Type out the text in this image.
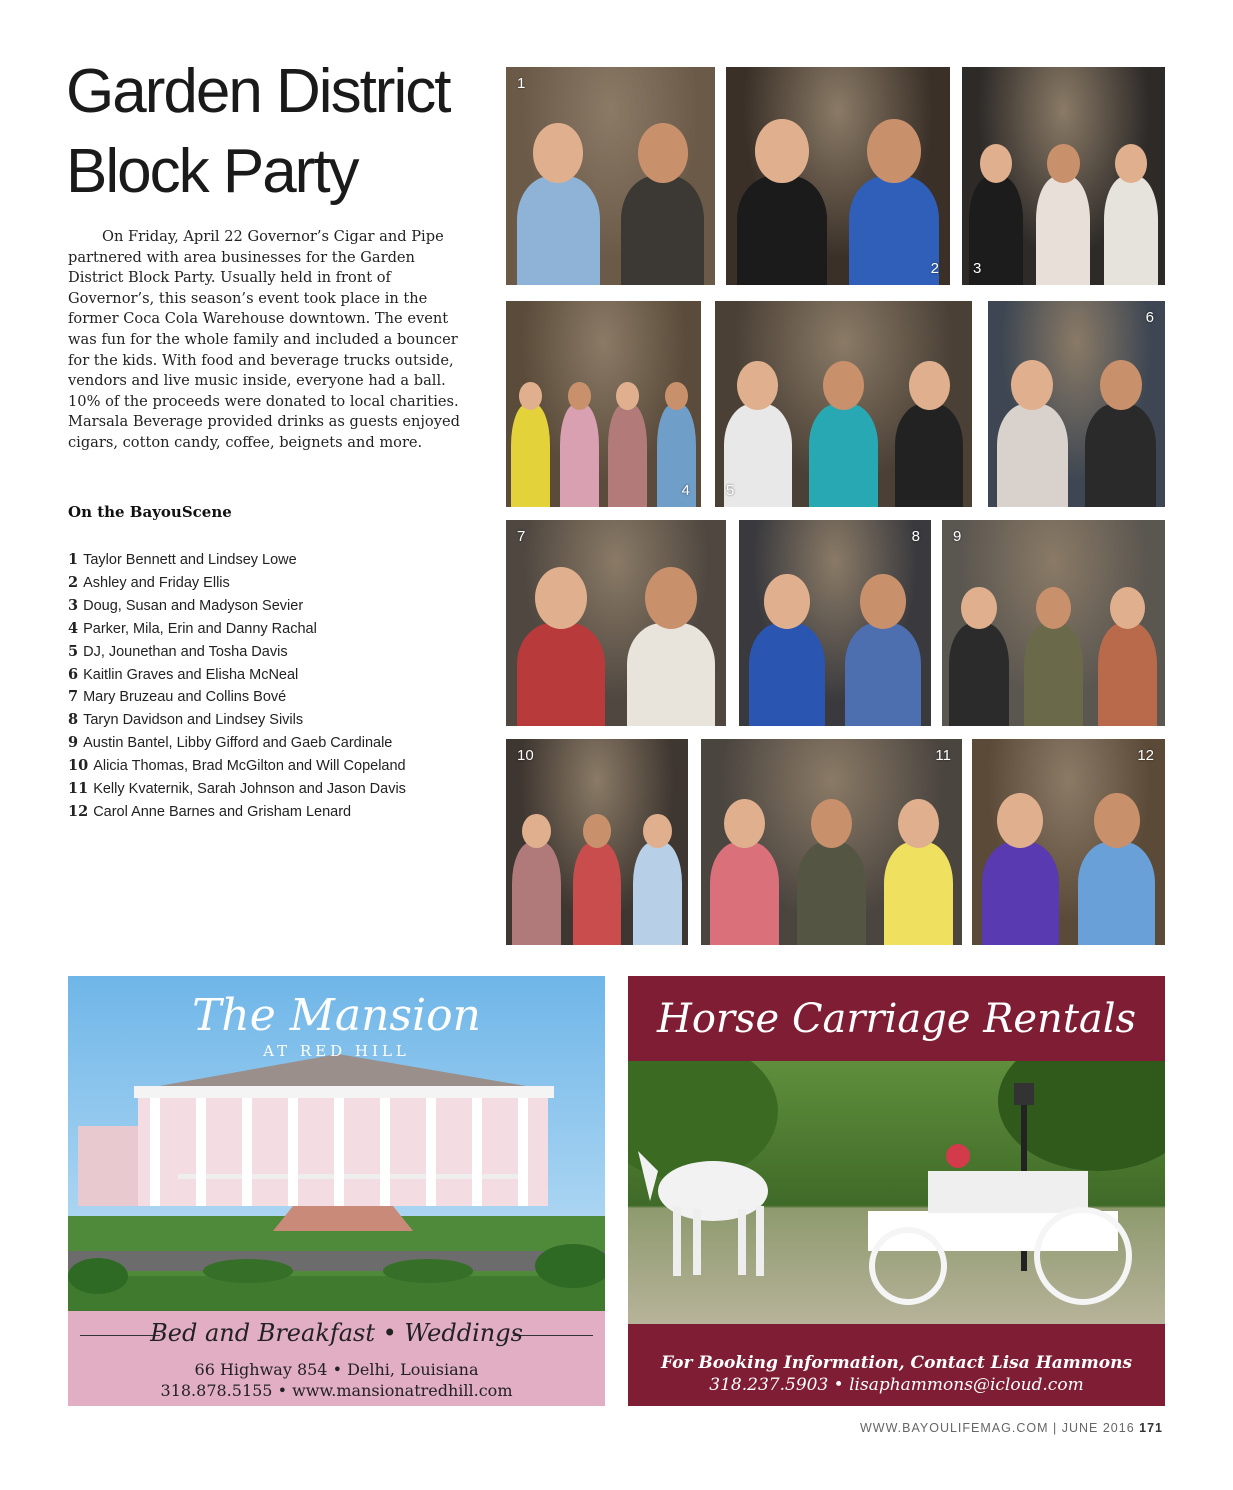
Garden District
Block Party

On Friday, April 22 Governor’s Cigar and Pipe partnered with area businesses for the Garden District Block Party. Usually held in front of Governor’s, this season’s event took place in the former Coca Cola Warehouse downtown. The event was fun for the whole family and included a bouncer for the kids. With food and beverage trucks outside, vendors and live music inside, everyone had a ball. 10% of the proceeds were donated to local charities. Marsala Beverage provided drinks as guests enjoyed cigars, cotton candy, coffee, beignets and more.

On the BayouScene
1 Taylor Bennett and Lindsey Lowe
2 Ashley and Friday Ellis
3 Doug, Susan and Madyson Sevier
4 Parker, Mila, Erin and Danny Rachal
5 DJ, Jounethan and Tosha Davis
6 Kaitlin Graves and Elisha McNeal
7 Mary Bruzeau and Collins Bové
8 Taryn Davidson and Lindsey Sivils
9 Austin Bantel, Libby Gifford and Gaeb Cardinale
10 Alicia Thomas, Brad McGilton and Will Copeland
11 Kelly Kvaternik, Sarah Johnson and Jason Davis
12 Carol Anne Barnes and Grisham Lenard
1
2 3
4 5
6
7	8 9
10	11	12
The Mansion
AT RED HILL
Bed and Breakfast • Weddings
66 Highway 854 • Delhi, Louisiana
318.878.5155 • www.mansionatredhill.com
Horse Carriage Rentals
For Booking Information, Contact Lisa Hammons
318.237.5903 • lisaphammons@icloud.com
WWW.BAYOULIFEMAG.COM | JUNE 2016 171
